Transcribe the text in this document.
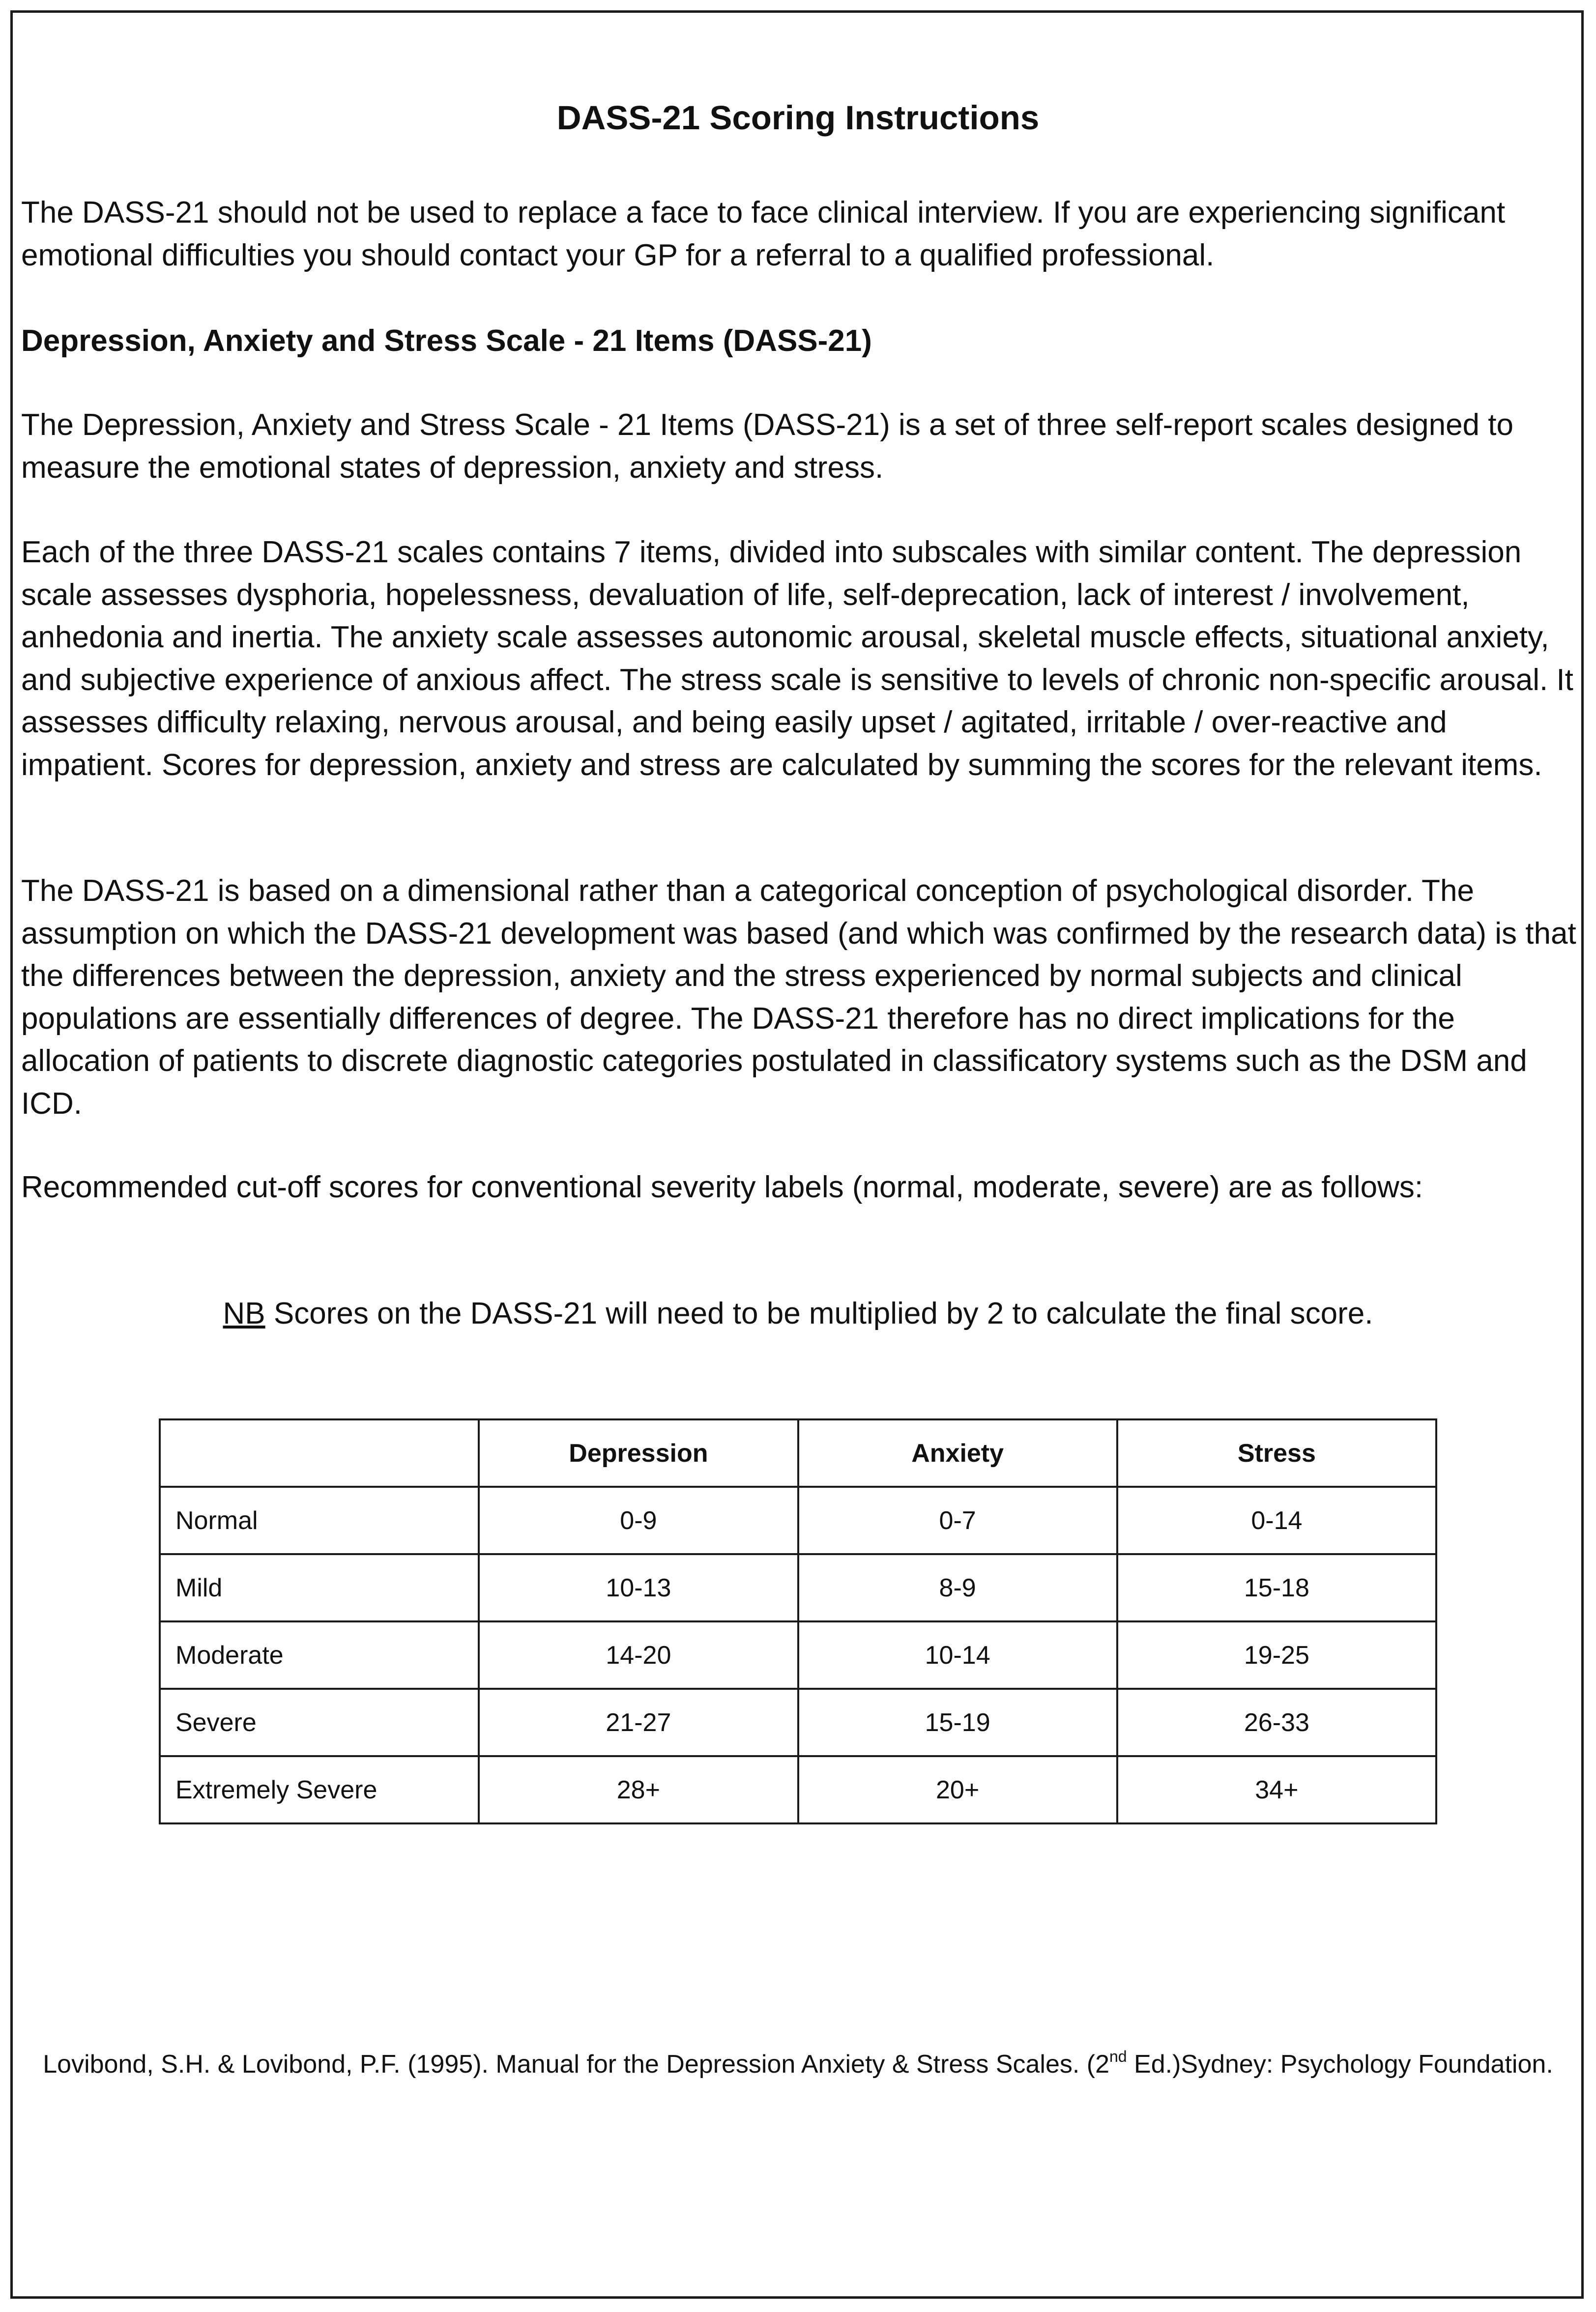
DASS-21 Scoring Instructions

The DASS-21 should not be used to replace a face to face clinical interview. If you are experiencing significant emotional difficulties you should contact your GP for a referral to a qualified professional.

Depression, Anxiety and Stress Scale - 21 Items (DASS-21)

The Depression, Anxiety and Stress Scale - 21 Items (DASS-21) is a set of three self-report scales designed to measure the emotional states of depression, anxiety and stress.

Each of the three DASS-21 scales contains 7 items, divided into subscales with similar content. The depression scale assesses dysphoria, hopelessness, devaluation of life, self-deprecation, lack of interest / involvement, anhedonia and inertia. The anxiety scale assesses autonomic arousal, skeletal muscle effects, situational anxiety, and subjective experience of anxious affect. The stress scale is sensitive to levels of chronic non-specific arousal. It assesses difficulty relaxing, nervous arousal, and being easily upset / agitated, irritable / over-reactive and impatient. Scores for depression, anxiety and stress are calculated by summing the scores for the relevant items.

The DASS-21 is based on a dimensional rather than a categorical conception of psychological disorder. The assumption on which the DASS-21 development was based (and which was confirmed by the research data) is that the differences between the depression, anxiety and the stress experienced by normal subjects and clinical populations are essentially differences of degree. The DASS-21 therefore has no direct implications for the allocation of patients to discrete diagnostic categories postulated in classificatory systems such as the DSM and ICD.

Recommended cut-off scores for conventional severity labels (normal, moderate, severe) are as follows:

NB Scores on the DASS-21 will need to be multiplied by 2 to calculate the final score.
	Depression	Anxiety	Stress
Normal	0-9	0-7	0-14
Mild	10-13	8-9	15-18
Moderate	14-20	10-14	19-25
Severe	21-27	15-19	26-33
Extremely Severe	28+	20+	34+
Lovibond, S.H. & Lovibond, P.F. (1995). Manual for the Depression Anxiety & Stress Scales. (2nd Ed.)Sydney: Psychology Foundation.
